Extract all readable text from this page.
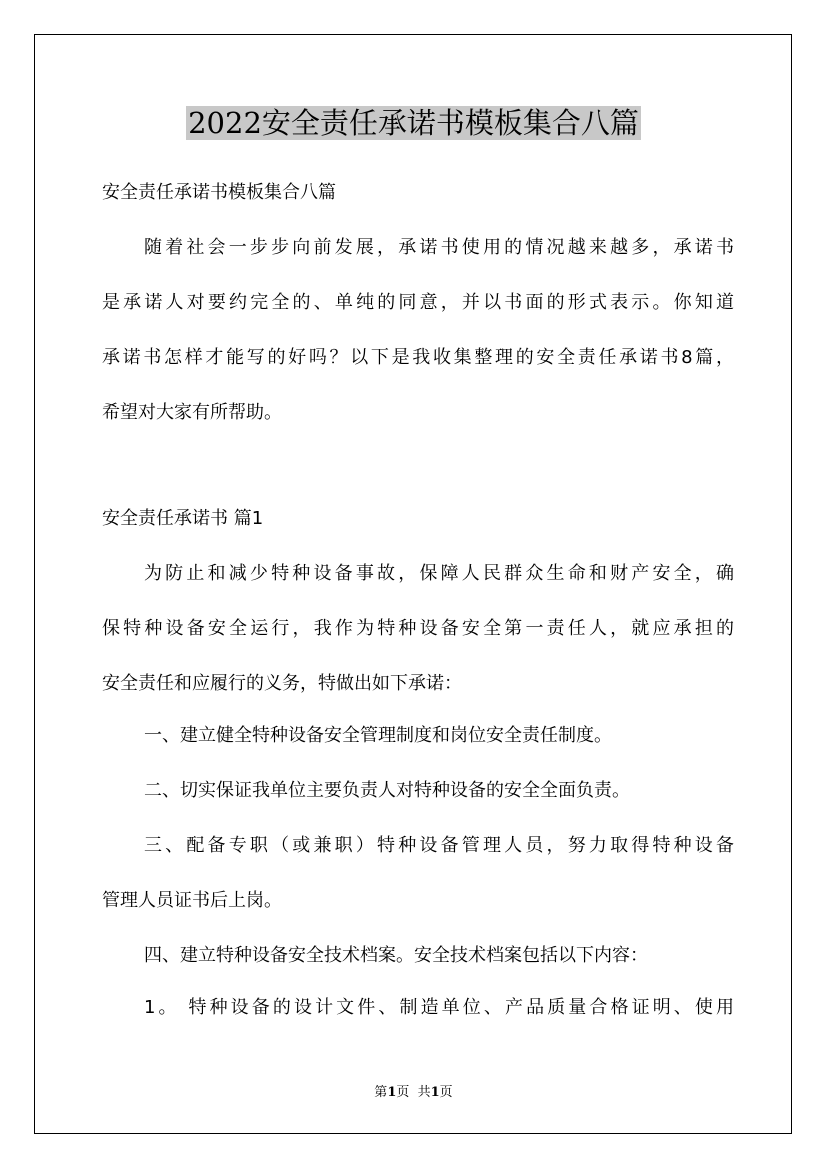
2022安全责任承诺书模板集合八篇
安全责任承诺书模板集合八篇
随着社会一步步向前发展，承诺书使用的情况越来越多，承诺书
是承诺人对要约完全的、单纯的同意，并以书面的形式表示。你知道
承诺书怎样才能写的好吗？以下是我收集整理的安全责任承诺书8篇，
希望对大家有所帮助。
安全责任承诺书 篇1
为防止和减少特种设备事故，保障人民群众生命和财产安全，确
保特种设备安全运行，我作为特种设备安全第一责任人，就应承担的
安全责任和应履行的义务，特做出如下承诺：
一、建立健全特种设备安全管理制度和岗位安全责任制度。
二、切实保证我单位主要负责人对特种设备的安全全面负责。
三、配备专职（或兼职）特种设备管理人员，努力取得特种设备
管理人员证书后上岗。
四、建立特种设备安全技术档案。安全技术档案包括以下内容：
1。 特种设备的设计文件、制造单位、产品质量合格证明、使用
第1页  共1页
